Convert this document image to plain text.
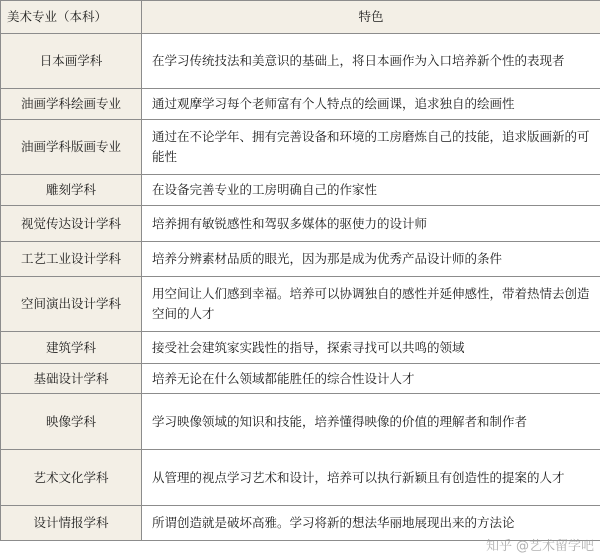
美术专业（本科）	特色
日本画学科	在学习传统技法和美意识的基础上，将日本画作为入口培养新个性的表现者
油画学科绘画专业	通过观摩学习每个老师富有个人特点的绘画课，追求独自的绘画性
油画学科版画专业	通过在不论学年、拥有完善设备和环境的工房磨炼自己的技能，追求版画新的可能性
雕刻学科	在设备完善专业的工房明确自己的作家性
视觉传达设计学科	培养拥有敏锐感性和驾驭多媒体的驱使力的设计师
工艺工业设计学科	培养分辨素材品质的眼光，因为那是成为优秀产品设计师的条件
空间演出设计学科	用空间让人们感到幸福。培养可以协调独自的感性并延伸感性，带着热情去创造空间的人才
建筑学科	接受社会建筑家实践性的指导，探索寻找可以共鸣的领域
基础设计学科	培养无论在什么领域都能胜任的综合性设计人才
映像学科	学习映像领域的知识和技能，培养懂得映像的价值的理解者和制作者
艺术文化学科	从管理的视点学习艺术和设计，培养可以执行新颖且有创造性的提案的人才
设计情报学科	所谓创造就是破坏高雅。学习将新的想法华丽地展现出来的方法论
知乎 @艺术留学吧
